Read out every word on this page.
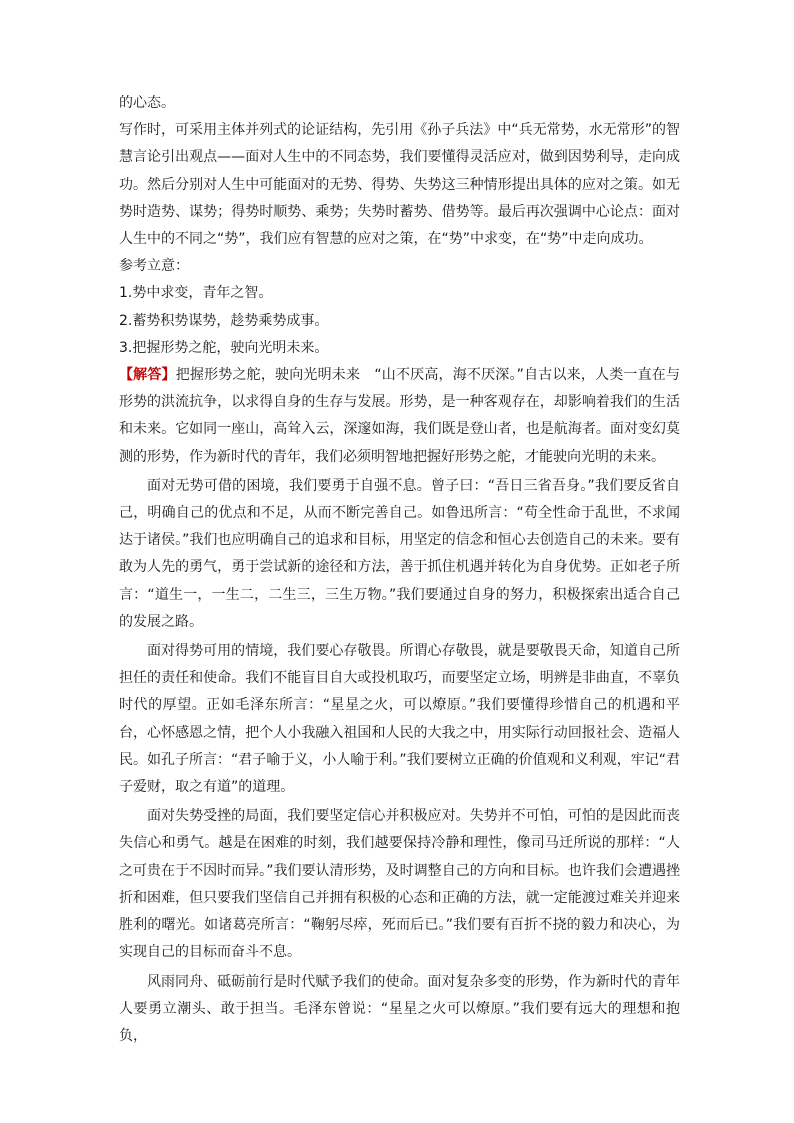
的心态。

写作时，可采用主体并列式的论证结构，先引用《孙子兵法》中“兵无常势，水无常形”的智慧言论引出观点——面对人生中的不同态势，我们要懂得灵活应对，做到因势利导，走向成功。然后分别对人生中可能面对的无势、得势、失势这三种情形提出具体的应对之策。如无势时造势、谋势；得势时顺势、乘势；失势时蓄势、借势等。最后再次强调中心论点：面对人生中的不同之“势”，我们应有智慧的应对之策，在“势”中求变，在“势”中走向成功。

参考立意：

1.势中求变，青年之智。

2.蓄势积势谋势，趁势乘势成事。

3.把握形势之舵，驶向光明未来。

【解答】把握形势之舵，驶向光明未来　“山不厌高，海不厌深。”自古以来，人类一直在与形势的洪流抗争，以求得自身的生存与发展。形势，是一种客观存在，却影响着我们的生活和未来。它如同一座山，高耸入云，深邃如海，我们既是登山者，也是航海者。面对变幻莫测的形势，作为新时代的青年，我们必须明智地把握好形势之舵，才能驶向光明的未来。

面对无势可借的困境，我们要勇于自强不息。曾子曰：“吾日三省吾身。”我们要反省自己，明确自己的优点和不足，从而不断完善自己。如鲁迅所言：“苟全性命于乱世，不求闻达于诸侯。”我们也应明确自己的追求和目标，用坚定的信念和恒心去创造自己的未来。要有敢为人先的勇气，勇于尝试新的途径和方法，善于抓住机遇并转化为自身优势。正如老子所言：“道生一，一生二，二生三，三生万物。”我们要通过自身的努力，积极探索出适合自己的发展之路。

面对得势可用的情境，我们要心存敬畏。所谓心存敬畏，就是要敬畏天命，知道自己所担任的责任和使命。我们不能盲目自大或投机取巧，而要坚定立场，明辨是非曲直，不辜负时代的厚望。正如毛泽东所言：“星星之火，可以燎原。”我们要懂得珍惜自己的机遇和平台，心怀感恩之情，把个人小我融入祖国和人民的大我之中，用实际行动回报社会、造福人民。如孔子所言：“君子喻于义，小人喻于利。”我们要树立正确的价值观和义利观，牢记“君子爱财，取之有道”的道理。

面对失势受挫的局面，我们要坚定信心并积极应对。失势并不可怕，可怕的是因此而丧失信心和勇气。越是在困难的时刻，我们越要保持冷静和理性，像司马迁所说的那样：“人之可贵在于不因时而异。”我们要认清形势，及时调整自己的方向和目标。也许我们会遭遇挫折和困难，但只要我们坚信自己并拥有积极的心态和正确的方法，就一定能渡过难关并迎来胜利的曙光。如诸葛亮所言：“鞠躬尽瘁，死而后已。”我们要有百折不挠的毅力和决心，为实现自己的目标而奋斗不息。

风雨同舟、砥砺前行是时代赋予我们的使命。面对复杂多变的形势，作为新时代的青年人要勇立潮头、敢于担当。毛泽东曾说：“星星之火可以燎原。”我们要有远大的理想和抱负，
